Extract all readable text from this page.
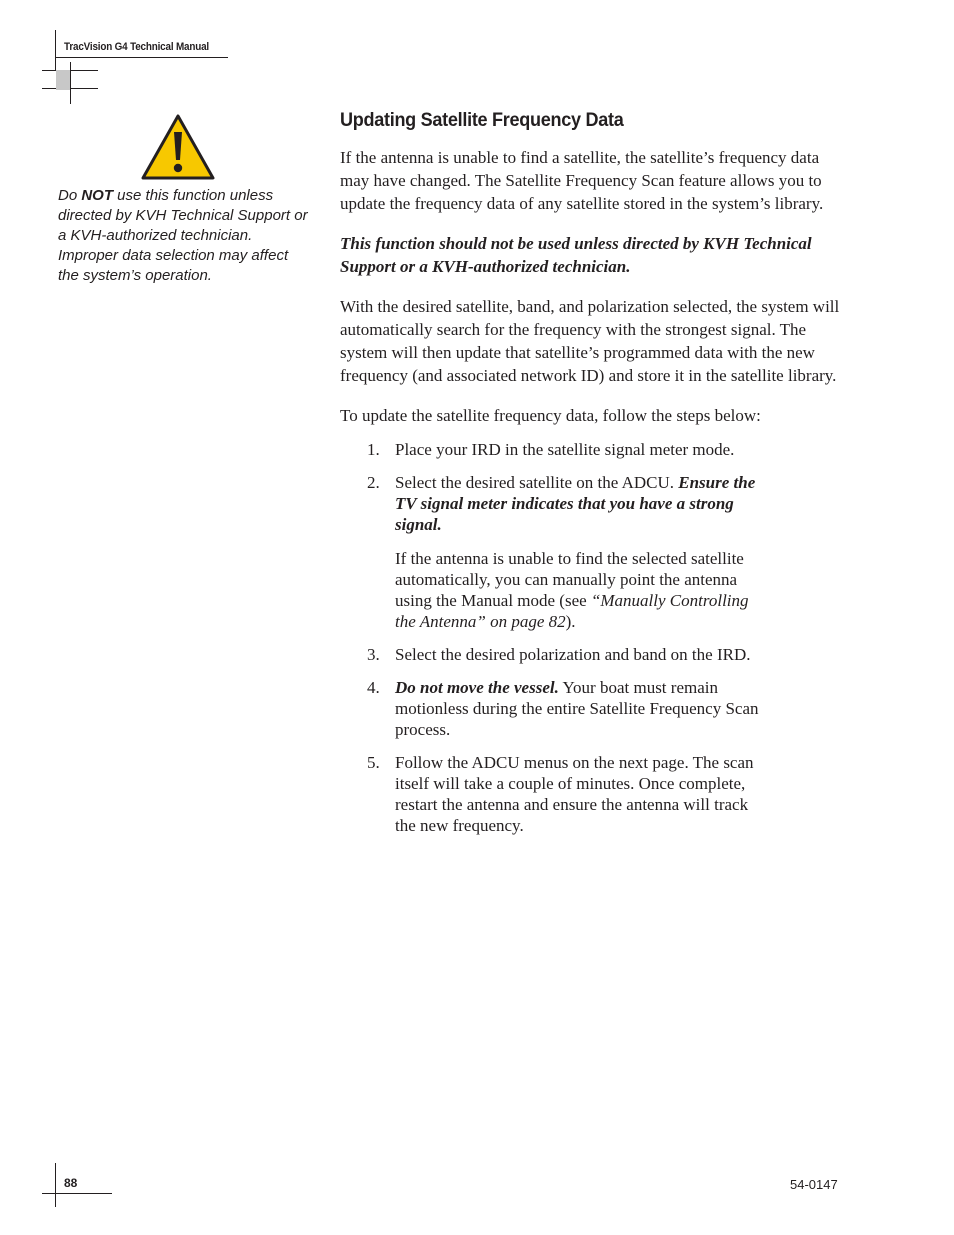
TracVision G4 Technical Manual
Do NOT use this function unless directed by KVH Technical Support or a KVH-authorized technician. Improper data selection may affect the system’s operation.
Updating Satellite Frequency Data

If the antenna is unable to find a satellite, the satellite’s frequency data may have changed. The Satellite Frequency Scan feature allows you to update the frequency data of any satellite stored in the system’s library.

This function should not be used unless directed by KVH Technical Support or a KVH-authorized technician.

With the desired satellite, band, and polarization selected, the system will automatically search for the frequency with the strongest signal. The system will then update that satellite’s programmed data with the new frequency (and associated network ID) and store it in the satellite library.

To update the satellite frequency data, follow the steps below:

1. Place your IRD in the satellite signal meter mode.
2. Select the desired satellite on the ADCU. Ensure the TV signal meter indicates that you have a strong signal.
If the antenna is unable to find the selected satellite automatically, you can manually point the antenna using the Manual mode (see “Manually Controlling the Antenna” on page 82).
3. Select the desired polarization and band on the IRD.
4. Do not move the vessel. Your boat must remain motionless during the entire Satellite Frequency Scan process.
5. Follow the ADCU menus on the next page. The scan itself will take a couple of minutes. Once complete, restart the antenna and ensure the antenna will track the new frequency.
88	54-0147
